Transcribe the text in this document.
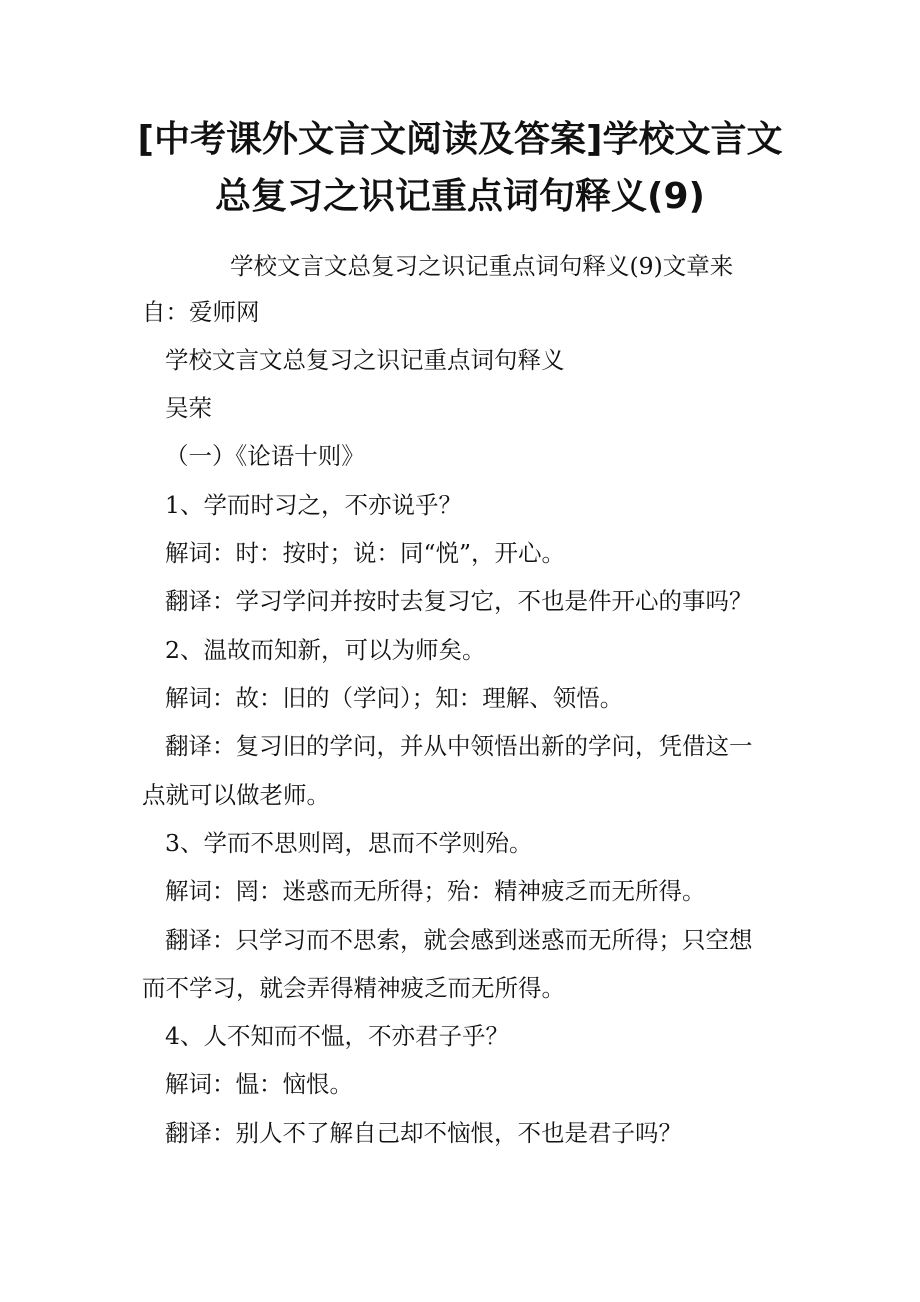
[中考课外文言文阅读及答案]学校文言文
总复习之识记重点词句释义(9)
学校文言文总复习之识记重点词句释义(9)文章来
自：爱师网
学校文言文总复习之识记重点词句释义
吴荣
（一）《论语十则》
1、学而时习之，不亦说乎？
解词：时：按时；说：同“悦”，开心。
翻译：学习学问并按时去复习它，不也是件开心的事吗？
2、温故而知新，可以为师矣。
解词：故：旧的（学问）；知：理解、领悟。
翻译：复习旧的学问，并从中领悟出新的学问，凭借这一
点就可以做老师。
3、学而不思则罔，思而不学则殆。
解词：罔：迷惑而无所得；殆：精神疲乏而无所得。
翻译：只学习而不思索，就会感到迷惑而无所得；只空想
而不学习，就会弄得精神疲乏而无所得。
4、人不知而不愠，不亦君子乎？
解词：愠：恼恨。
翻译：别人不了解自己却不恼恨，不也是君子吗？
